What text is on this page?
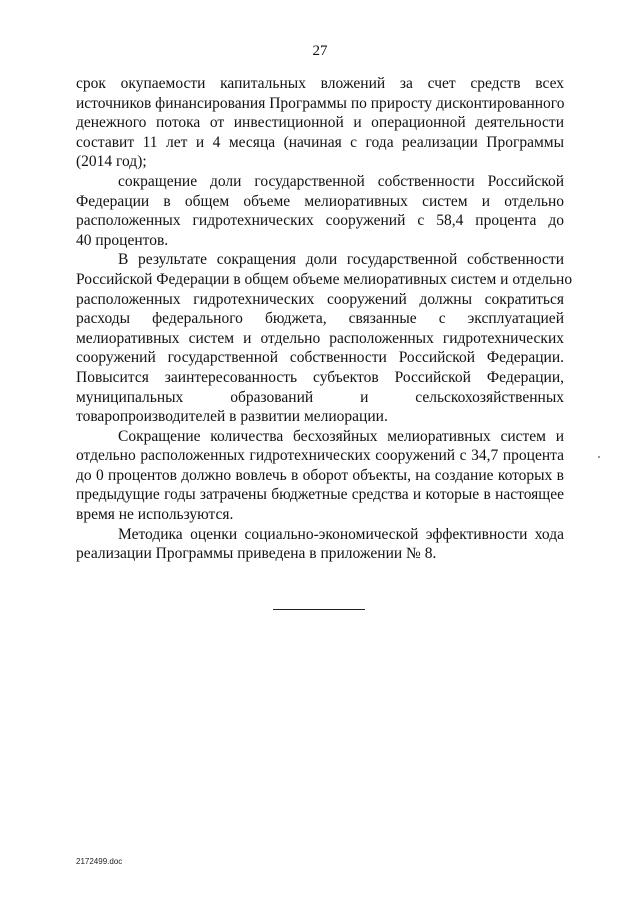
27
срок окупаемости капитальных вложений за счет средств всех
источников финансирования Программы по приросту дисконтированного
денежного потока от инвестиционной и операционной деятельности
составит 11 лет и 4 месяца (начиная с года реализации Программы
(2014 год);
сокращение доли государственной собственности Российской
Федерации в общем объеме мелиоративных систем и отдельно
расположенных гидротехнических сооружений с 58,4 процента до
40 процентов.
В результате сокращения доли государственной собственности
Российской Федерации в общем объеме мелиоративных систем и отдельно
расположенных гидротехнических сооружений должны сократиться
расходы федерального бюджета, связанные с эксплуатацией
мелиоративных систем и отдельно расположенных гидротехнических
сооружений государственной собственности Российской Федерации.
Повысится заинтересованность субъектов Российской Федерации,
муниципальных образований и сельскохозяйственных
товаропроизводителей в развитии мелиорации.
Сокращение количества бесхозяйных мелиоративных систем и
отдельно расположенных гидротехнических сооружений с 34,7 процента
до 0 процентов должно вовлечь в оборот объекты, на создание которых в
предыдущие годы затрачены бюджетные средства и которые в настоящее
время не используются.
Методика оценки социально-экономической эффективности хода
реализации Программы приведена в приложении № 8.
2172499.doc
